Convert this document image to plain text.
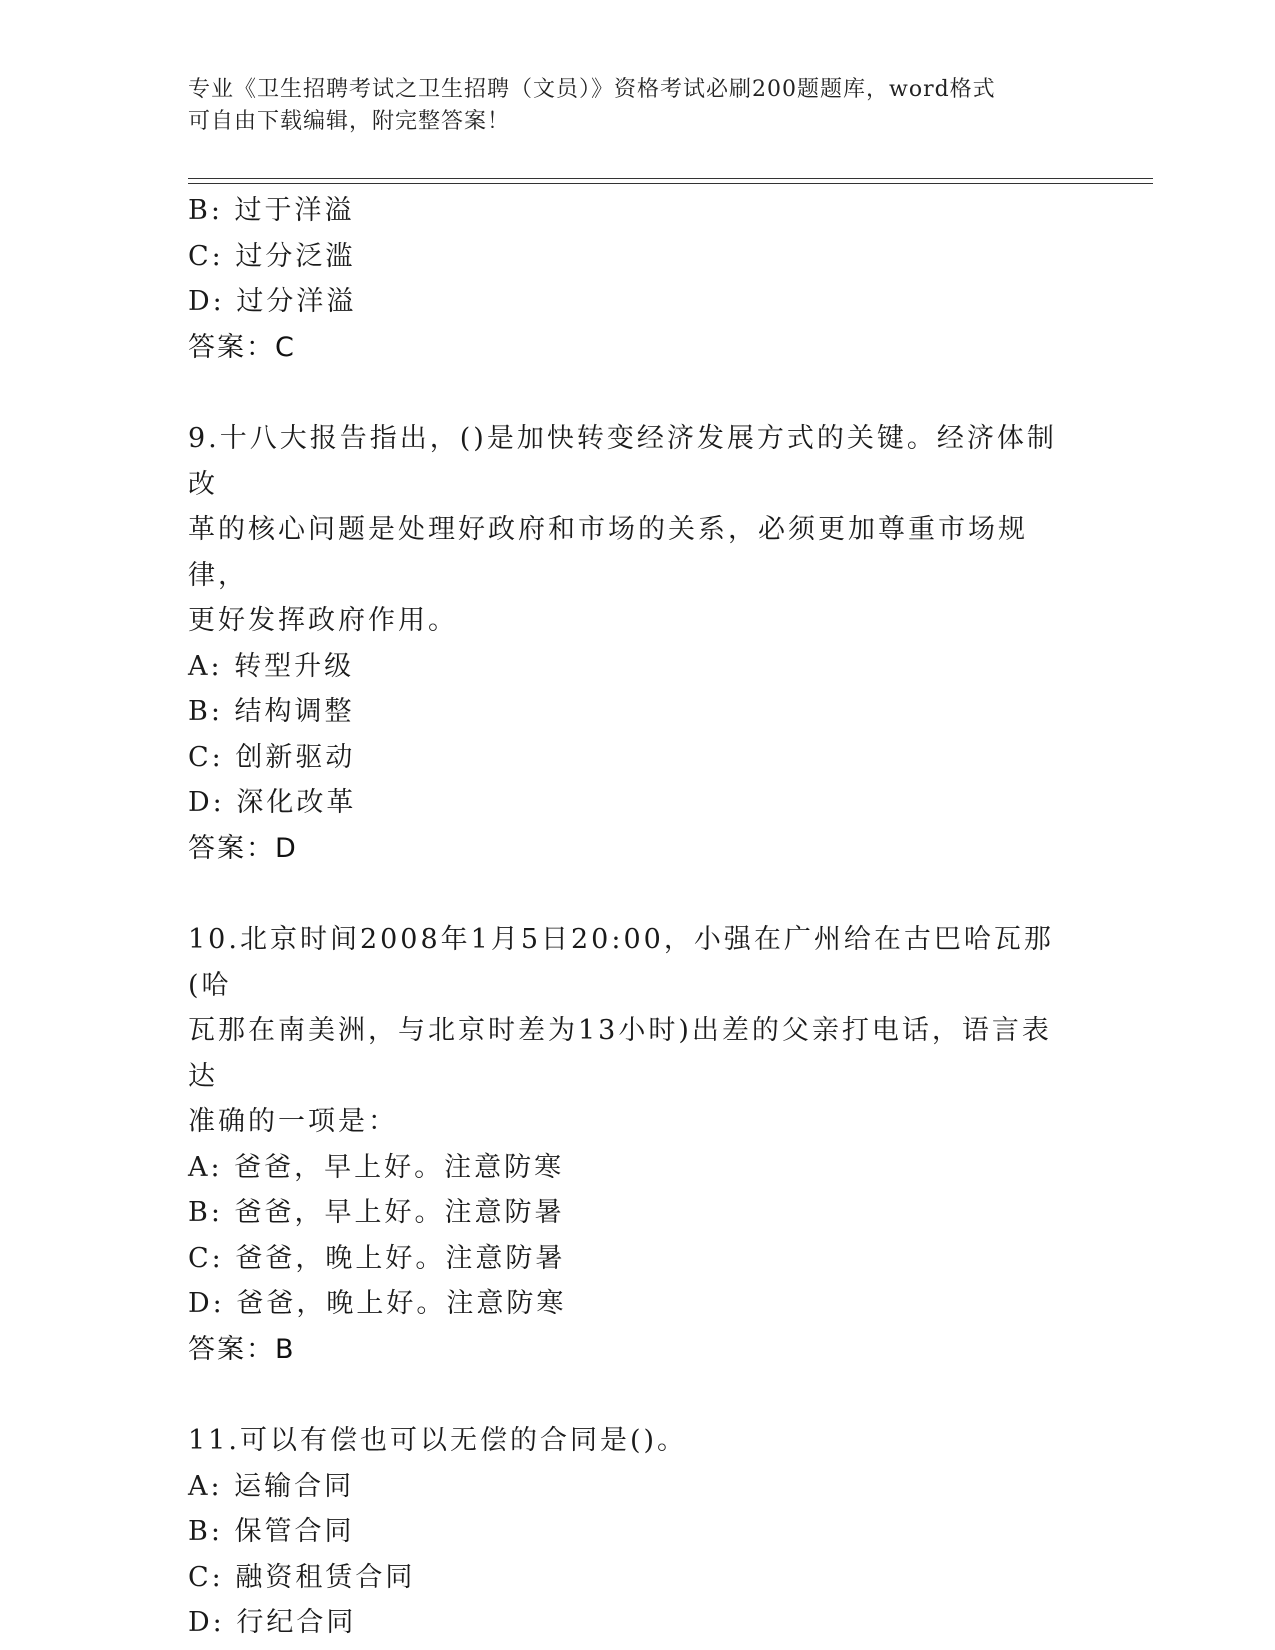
专业《卫生招聘考试之卫生招聘（文员）》资格考试必刷200题题库，word格式
可自由下载编辑，附完整答案！
B: 过于洋溢
C: 过分泛滥
D: 过分洋溢
答案：C
9.十八大报告指出，()是加快转变经济发展方式的关键。经济体制改
革的核心问题是处理好政府和市场的关系，必须更加尊重市场规律，
更好发挥政府作用。
A: 转型升级
B: 结构调整
C: 创新驱动
D: 深化改革
答案：D
10.北京时间2008年1月5日20:00，小强在广州给在古巴哈瓦那(哈
瓦那在南美洲，与北京时差为13小时)出差的父亲打电话，语言表达
准确的一项是：
A: 爸爸，早上好。注意防寒
B: 爸爸，早上好。注意防暑
C: 爸爸，晚上好。注意防暑
D: 爸爸，晚上好。注意防寒
答案：B
11.可以有偿也可以无偿的合同是()。
A: 运输合同
B: 保管合同
C: 融资租赁合同
D: 行纪合同
